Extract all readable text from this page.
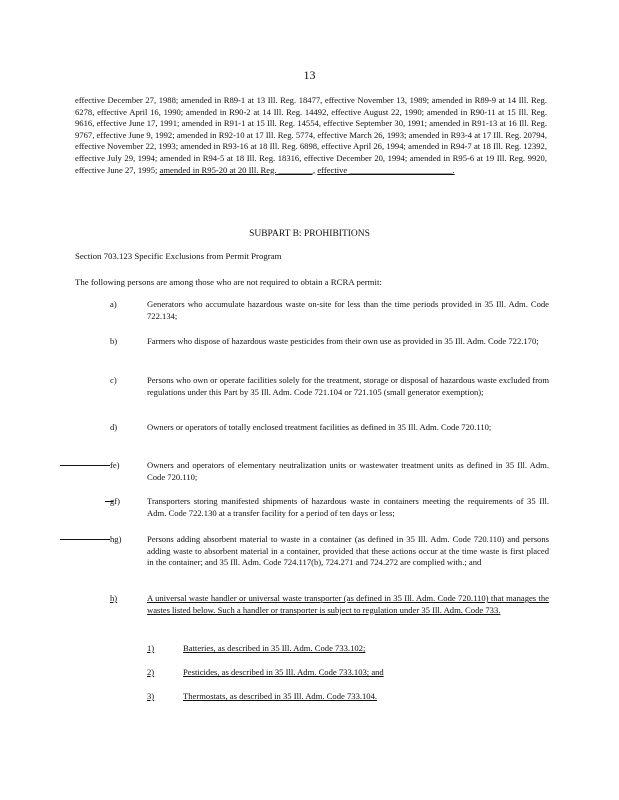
13
effective December 27, 1988; amended in R89-1 at 13 Ill. Reg. 18477, effective November 13, 1989; amended in R89-9 at 14 Ill. Reg. 6278, effective April 16, 1990; amended in R90-2 at 14 Ill. Reg. 14492, effective August 22, 1990; amended in R90-11 at 15 Ill. Reg. 9616, effective June 17, 1991; amended in R91-1 at 15 Ill. Reg. 14554, effective September 30, 1991; amended in R91-13 at 16 Ill. Reg. 9767, effective June 9, 1992; amended in R92-10 at 17 Ill. Reg. 5774, effective March 26, 1993; amended in R93-4 at 17 Ill. Reg. 20794, effective November 22, 1993; amended in R93-16 at 18 Ill. Reg. 6898, effective April 26, 1994; amended in R94-7 at 18 Ill. Reg. 12392, effective July 29, 1994; amended in R94-5 at 18 Ill. Reg. 18316, effective December 20, 1994; amended in R95-6 at 19 Ill. Reg. 9920, effective June 27, 1995; amended in R95-20 at 20 Ill. Reg. ________, effective ________________________.
SUBPART B: PROHIBITIONS
Section 703.123 Specific Exclusions from Permit Program
The following persons are among those who are not required to obtain a RCRA permit:
a)	Generators who accumulate hazardous waste on-site for less than the time periods provided in 35 Ill. Adm. Code 722.134;
b)	Farmers who dispose of hazardous waste pesticides from their own use as provided in 35 Ill. Adm. Code 722.170;
c)	Persons who own or operate facilities solely for the treatment, storage or disposal of hazardous waste excluded from regulations under this Part by 35 Ill. Adm. Code 721.104 or 721.105 (small generator exemption);
d)	Owners or operators of totally enclosed treatment facilities as defined in 35 Ill. Adm. Code 720.110;
fe)	Owners and operators of elementary neutralization units or wastewater treatment units as defined in 35 Ill. Adm. Code 720.110;
gf)	Transporters storing manifested shipments of hazardous waste in containers meeting the requirements of 35 Ill. Adm. Code 722.130 at a transfer facility for a period of ten days or less;
hg)	Persons adding absorbent material to waste in a container (as defined in 35 Ill. Adm. Code 720.110) and persons adding waste to absorbent material in a container, provided that these actions occur at the time waste is first placed in the container; and 35 Ill. Adm. Code 724.117(b), 724.271 and 724.272 are complied with.; and
h)	A universal waste handler or universal waste transporter (as defined in 35 Ill. Adm. Code 720.110) that manages the wastes listed below. Such a handler or transporter is subject to regulation under 35 Ill. Adm. Code 733.
1)	Batteries, as described in 35 Ill. Adm. Code 733.102;
2)	Pesticides, as described in 35 Ill. Adm. Code 733.103; and
3)	Thermostats, as described in 35 Ill. Adm. Code 733.104.
